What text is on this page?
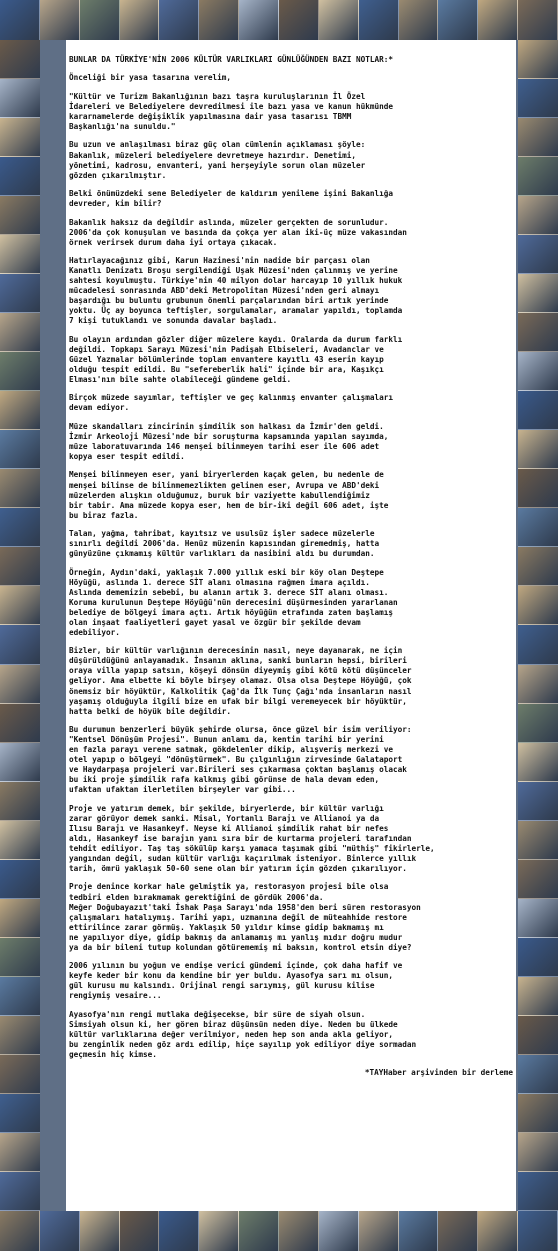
BUNLAR DA TÜRKİYE'NİN 2006 KÜLTÜR VARLIKLARI GÜNLÜĞÜNDEN BAZI NOTLAR:*

Önceliği bir yasa tasarına verelim,

"Kültür ve Turizm Bakanlığının bazı taşra kuruluşlarının İl Özel
İdareleri ve Belediyelere devredilmesi ile bazı yasa ve kanun hükmünde
kararnamelerde değişiklik yapılmasına dair yasa tasarısı TBMM
Başkanlığı'na sunuldu."

Bu uzun ve anlaşılması biraz güç olan cümlenin açıklaması şöyle:
Bakanlık, müzeleri belediyelere devretmeye hazırdır. Denetimi,
yönetimi, kadrosu, envanteri, yani herşeyiyle sorun olan müzeler
gözden çıkarılmıştır.

Belki önümüzdeki sene Belediyeler de kaldırım yenileme işini Bakanlığa
devreder, kim bilir?

Bakanlık haksız da değildir aslında, müzeler gerçekten de sorunludur.
2006'da çok konuşulan ve basında da çokça yer alan iki-üç müze vakasından
örnek verirsek durum daha iyi ortaya çıkacak.

Hatırlayacağınız gibi, Karun Hazinesi'nin nadide bir parçası olan
Kanatlı Denizatı Broşu sergilendiği Uşak Müzesi'nden çalınmış ve yerine
sahtesi koyulmuştu. Türkiye'nin 40 milyon dolar harcayıp 10 yıllık hukuk
mücadelesi sonrasında ABD'deki Metropolitan Müzesi'nden geri almayı
başardığı bu buluntu grubunun önemli parçalarından biri artık yerinde
yoktu. Üç ay boyunca teftişler, sorgulamalar, aramalar yapıldı, toplamda
7 kişi tutuklandı ve sonunda davalar başladı.

Bu olayın ardından gözler diğer müzelere kaydı. Oralarda da durum farklı
değildi. Topkapı Sarayı Müzesi'nin Padişah Elbiseleri, Avadanclar ve
Güzel Yazmalar bölümlerinde toplam envantere kayıtlı 43 eserin kayıp
olduğu tespit edildi. Bu "sefereberlik hali" içinde bir ara, Kaşıkçı
Elması'nın bile sahte olabileceği gündeme geldi.

Birçok müzede sayımlar, teftişler ve geç kalınmış envanter çalışmaları
devam ediyor.

Müze skandalları zincirinin şimdilik son halkası da İzmir'den geldi.
İzmir Arkeoloji Müzesi'nde bir soruşturma kapsamında yapılan sayımda,
müze laboratuvarında 146 menşei bilinmeyen tarihi eser ile 606 adet
kopya eser tespit edildi.

Menşei bilinmeyen eser, yani biryerlerden kaçak gelen, bu nedenle de
menşei bilinse de bilinmemezlikten gelinen eser, Avrupa ve ABD'deki
müzelerden alışkın olduğumuz, buruk bir vaziyette kabullendiğimiz
bir tabir. Ama müzede kopya eser, hem de bir-iki değil 606 adet, işte
bu biraz fazla.

Talan, yağma, tahribat, kayıtsız ve usulsüz işler sadece müzelerle
sınırlı değildi 2006'da. Henüz müzenin kapısından giremedmiş, hatta
günyüzüne çıkmamış kültür varlıkları da nasibini aldı bu durumdan.

Örneğin, Aydın'daki, yaklaşık 7.000 yıllık eski bir köy olan Deştepe
Höyüğü, aslında 1. derece SİT alanı olmasına rağmen imara açıldı.
Aslında dememizin sebebi, bu alanın artık 3. derece SİT alanı olması.
Koruma kurulunun Deştepe Höyüğü'nün derecesini düşürmesinden yararlanan
belediye de bölgeyi imara açtı. Artık höyüğün etrafında zaten başlamış
olan inşaat faaliyetleri gayet yasal ve özgür bir şekilde devam
edebiliyor.

Bizler, bir kültür varlığının derecesinin nasıl, neye dayanarak, ne için
düşürüldüğünü anlayamadık. İnsanın aklına, sanki bunların hepsi, birileri
oraya villa yapıp satsın, köşeyi dönsün diyeymiş gibi kötü kötü düşünceler
geliyor. Ama elbette ki böyle birşey olamaz. Olsa olsa Deştepe Höyüğü, çok
önemsiz bir höyüktür, Kalkolitik Çağ'da İlk Tunç Çağı'nda insanların nasıl
yaşamış olduğuyla ilgili bize en ufak bir bilgi veremeyecek bir höyüktür,
hatta belki de höyük bile değildir.

Bu durumun benzerleri büyük şehirde olursa, önce güzel bir isim veriliyor:
"Kentsel Dönüşüm Projesi". Bunun anlamı da, kentin tarihi bir yerini
en fazla parayı verene satmak, gökdelenler dikip, alışveriş merkezi ve
otel yapıp o bölgeyi "dönüştürmek". Bu çılgınlığın zirvesinde Galataport
ve Haydarpaşa projeleri var.Birileri ses çıkarmasa çoktan başlamış olacak
bu iki proje şimdilik rafa kalkmış gibi görünse de hala devam eden,
ufaktan ufaktan ilerletilen birşeyler var gibi...

Proje ve yatırım demek, bir şekilde, biryerlerde, bir kültür varlığı
zarar görüyor demek sanki. Misal, Yortanlı Barajı ve Allianoi ya da
Ilısu Barajı ve Hasankeyf. Neyse ki Allianoi şimdilik rahat bir nefes
aldı, Hasankeyf ise barajın yanı sıra bir de kurtarma projeleri tarafından
tehdit ediliyor. Taş taş sökülüp karşı yamaca taşımak gibi "müthiş" fikirlerle,
yangından değil, sudan kültür varlığı kaçırılmak isteniyor. Binlerce yıllık
tarih, ömrü yaklaşık 50-60 sene olan bir yatırım için gözden çıkarılıyor.

Proje denince korkar hale gelmiştik ya, restorasyon projesi bile olsa
tedbiri elden bırakmamak gerektiğini de gördük 2006'da.
Meğer Doğubayazıt'taki İshak Paşa Sarayı'nda 1958'den beri süren restorasyon
çalışmaları hatalıymış. Tarihi yapı, uzmanına değil de müteahhide restore
ettirilince zarar görmüş. Yaklaşık 50 yıldır kimse gidip bakmamış mı
ne yapılıyor diye, gidip bakmış da anlamamış mı yanlış mıdır doğru mudur
ya da bir bileni tutup kolundan götürememiş mi baksın, kontrol etsin diye?

2006 yılının bu yoğun ve endişe verici gündemi içinde, çok daha hafif ve
keyfe keder bir konu da kendine bir yer buldu. Ayasofya sarı mı olsun,
gül kurusu mu kalsındı. Orijinal rengi sarıymış, gül kurusu kilise
rengiymiş vesaire...

Ayasofya'nın rengi mutlaka değişecekse, bir süre de siyah olsun.
Simsiyah olsun ki, her gören biraz düşünsün neden diye. Neden bu ülkede
kültür varlıklarına değer verilmiyor, neden hep son anda akla geliyor,
bu zenginlik neden göz ardı edilip, hiçe sayılıp yok ediliyor diye sormadan
geçmesin hiç kimse.

*TAYHaber arşivinden bir derleme
